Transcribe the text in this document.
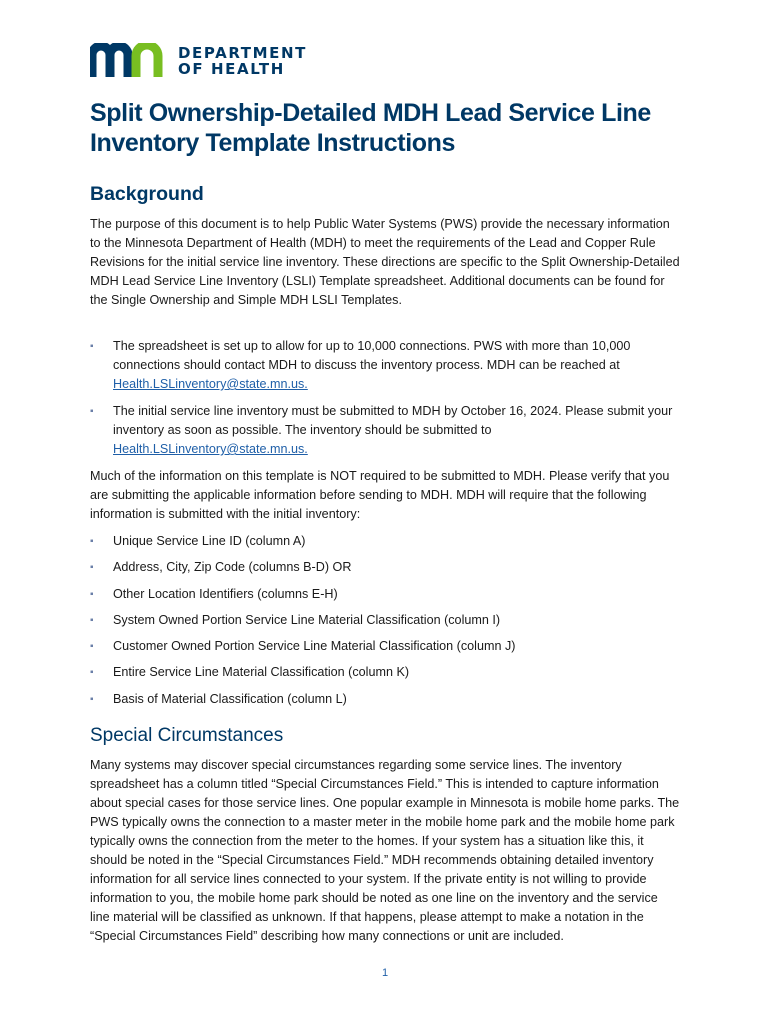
DEPARTMENT
OF HEALTH
Split Ownership-Detailed MDH Lead Service Line Inventory Template Instructions
Background

The purpose of this document is to help Public Water Systems (PWS) provide the necessary information to the Minnesota Department of Health (MDH) to meet the requirements of the Lead and Copper Rule Revisions for the initial service line inventory. These directions are specific to the Split Ownership-Detailed MDH Lead Service Line Inventory (LSLI) Template spreadsheet. Additional documents can be found for the Single Ownership and Simple MDH LSLI Templates.

▪ The spreadsheet is set up to allow for up to 10,000 connections. PWS with more than 10,000 connections should contact MDH to discuss the inventory process. MDH can be reached at Health.LSLinventory@state.mn.us.
▪ The initial service line inventory must be submitted to MDH by October 16, 2024. Please submit your inventory as soon as possible. The inventory should be submitted to Health.LSLinventory@state.mn.us.

Much of the information on this template is NOT required to be submitted to MDH. Please verify that you are submitting the applicable information before sending to MDH. MDH will require that the following information is submitted with the initial inventory:

▪ Unique Service Line ID (column A)
▪ Address, City, Zip Code (columns B-D) OR
▪ Other Location Identifiers (columns E-H)
▪ System Owned Portion Service Line Material Classification (column I)
▪ Customer Owned Portion Service Line Material Classification (column J)
▪ Entire Service Line Material Classification (column K)
▪ Basis of Material Classification (column L)
Special Circumstances

Many systems may discover special circumstances regarding some service lines. The inventory spreadsheet has a column titled “Special Circumstances Field.” This is intended to capture information about special cases for those service lines. One popular example in Minnesota is mobile home parks. The PWS typically owns the connection to a master meter in the mobile home park and the mobile home park typically owns the connection from the meter to the homes. If your system has a situation like this, it should be noted in the “Special Circumstances Field.” MDH recommends obtaining detailed inventory information for all service lines connected to your system. If the private entity is not willing to provide information to you, the mobile home park should be noted as one line on the inventory and the service line material will be classified as unknown. If that happens, please attempt to make a notation in the “Special Circumstances Field” describing how many connections or unit are included.

1
